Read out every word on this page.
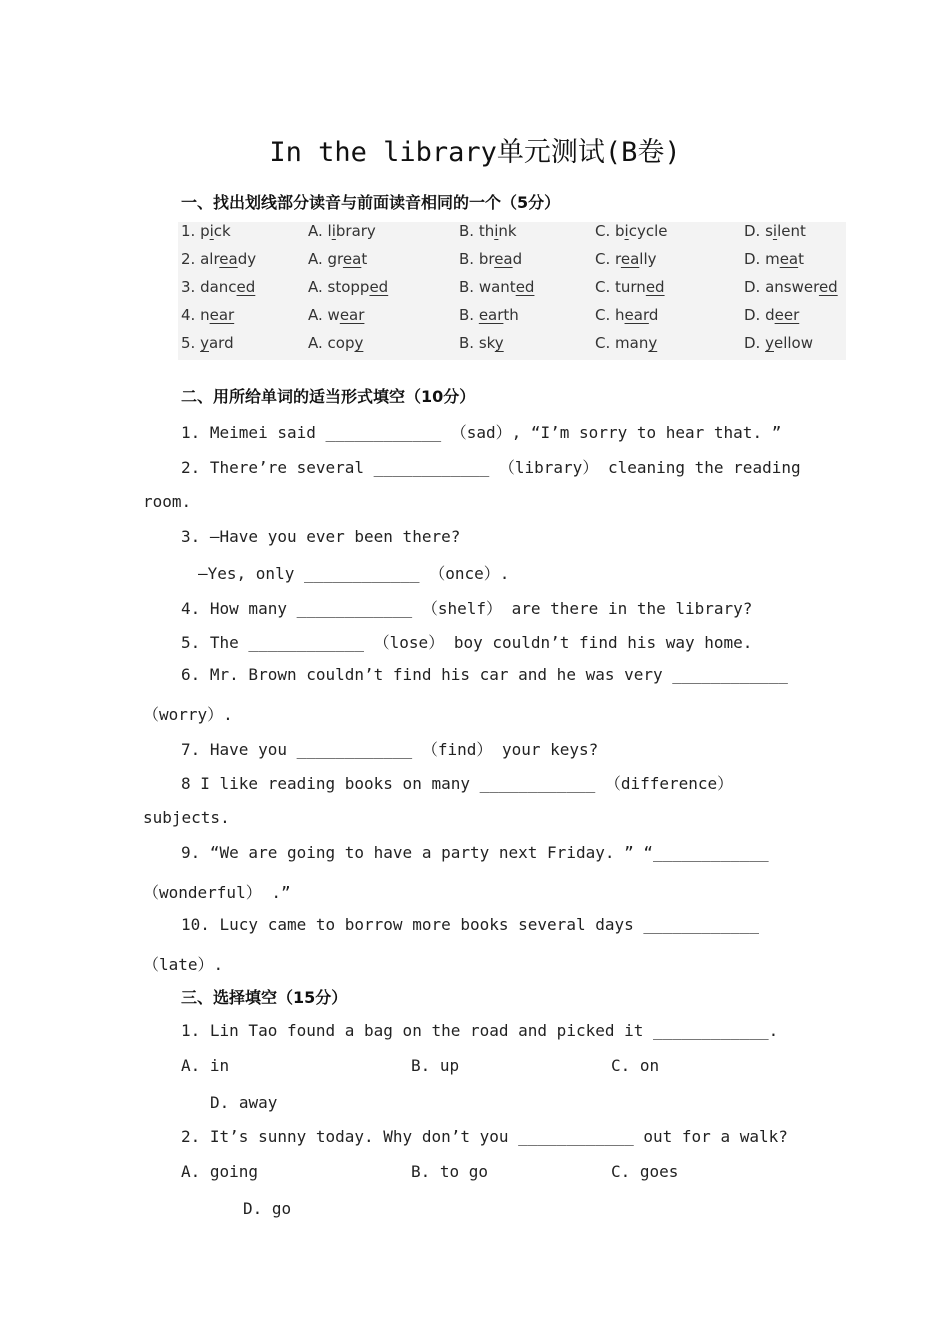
In the library单元测试(B卷)
一、找出划线部分读音与前面读音相同的一个（5分）
1. pick	A. library	B. think	C. bicycle	D. silent
2. already	A. great	B. bread	C. really	D. meat
3. danced	A. stopped	B. wanted	C. turned	D. answered
4. near	A. wear	B. earth	C. heard	D. deer
5. yard	A. copy	B. sky	C. many	D. yellow
二、用所给单词的适当形式填空（10分）
1. Meimei said ____________ （sad）, “I’m sorry to hear that. ”
2. There’re several ____________ （library） cleaning the reading
room.
3. —Have you ever been there?
—Yes, only ____________ （once）.
4. How many ____________ （shelf） are there in the library?
5. The ____________ （lose） boy couldn’t find his way home.
6. Mr. Brown couldn’t find his car and he was very ____________
（worry）.
7. Have you ____________ （find） your keys?
8 I like reading books on many ____________ （difference）
subjects.
9. “We are going to have a party next Friday. ” “____________
（wonderful） .”
10. Lucy came to borrow more books several days ____________
（late）.
三、选择填空（15分）
1. Lin Tao found a bag on the road and picked it ____________.
A. in	B. up	C. on
D. away
2. It’s sunny today. Why don’t you ____________ out for a walk?
A. going	B. to go	C. goes
D. go
